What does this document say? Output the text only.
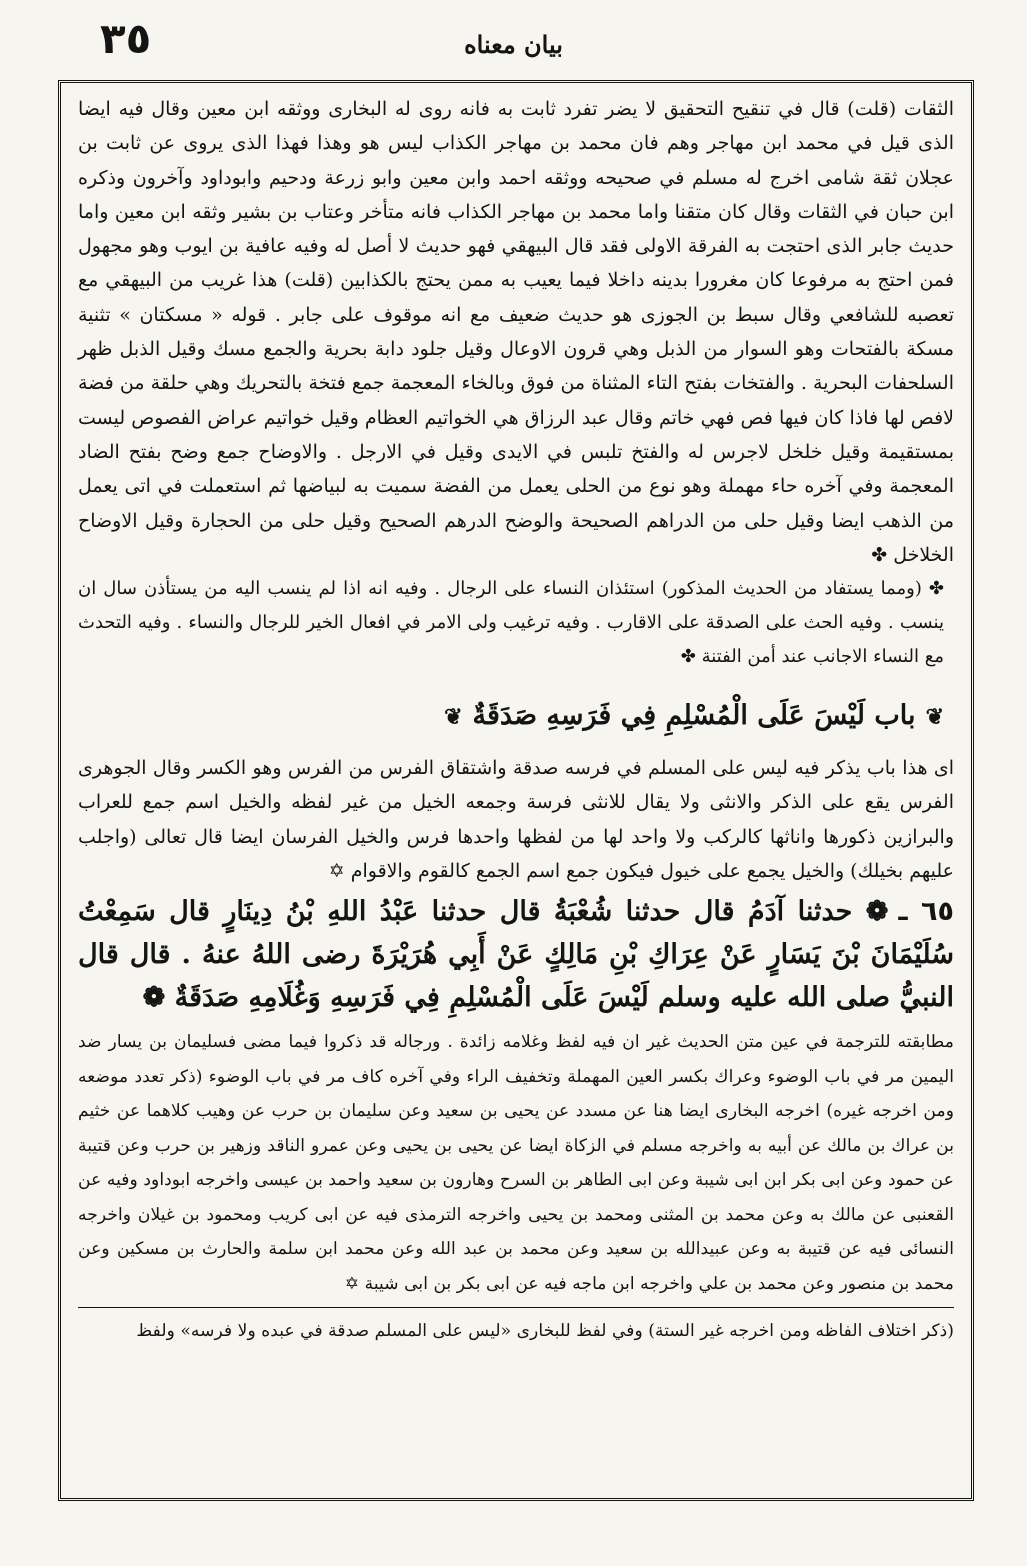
٣٥	بيان معناه

الثقات (قلت) قال في تنقيح التحقيق لا يضر تفرد ثابت به فانه روى له البخارى ووثقه ابن معين وقال فيه ايضا الذى قيل في محمد ابن مهاجر وهم فان محمد بن مهاجر الكذاب ليس هو وهذا فهذا الذى يروى عن ثابت بن عجلان ثقة شامى اخرج له مسلم في صحيحه ووثقه احمد وابن معين وابو زرعة ودحيم وابوداود وآخرون وذكره ابن حبان في الثقات وقال كان متقنا واما محمد بن مهاجر الكذاب فانه متأخر وعتاب بن بشير وثقه ابن معين واما حديث جابر الذى احتجت به الفرقة الاولى فقد قال البيهقي فهو حديث لا أصل له وفيه عافية بن ايوب وهو مجهول فمن احتج به مرفوعا كان مغرورا بدينه داخلا فيما يعيب به ممن يحتج بالكذابين (قلت) هذا غريب من البيهقي مع تعصبه للشافعي وقال سبط بن الجوزى هو حديث ضعيف مع انه موقوف على جابر . قوله « مسكتان » تثنية مسكة بالفتحات وهو السوار من الذبل وهي قرون الاوعال وقيل جلود دابة بحرية والجمع مسك وقيل الذبل ظهر السلحفات البحرية . والفتخات بفتح التاء المثناة من فوق وبالخاء المعجمة جمع فتخة بالتحريك وهي حلقة من فضة لافص لها فاذا كان فيها فص فهي خاتم وقال عبد الرزاق هي الخواتيم العظام وقيل خواتيم عراض الفصوص ليست بمستقيمة وقيل خلخل لاجرس له والفتخ تلبس في الايدى وقيل في الارجل . والاوضاح جمع وضح بفتح الضاد المعجمة وفي آخره حاء مهملة وهو نوع من الحلى يعمل من الفضة سميت به لبياضها ثم استعملت في اتى يعمل من الذهب ايضا وقيل حلى من الدراهم الصحيحة والوضح الدرهم الصحيح وقيل حلى من الحجارة وقيل الاوضاح الخلاخل ✤

✤ (ومما يستفاد من الحديث المذكور) استئذان النساء على الرجال . وفيه انه اذا لم ينسب اليه من يستأذن سال ان ينسب . وفيه الحث على الصدقة على الاقارب . وفيه ترغيب ولى الامر في افعال الخير للرجال والنساء . وفيه التحدث مع النساء الاجانب عند أمن الفتنة ✤

❦باب لَيْسَ عَلَى الْمُسْلِمِ فِي فَرَسِهِ صَدَقَةٌ❦

اى هذا باب يذكر فيه ليس على المسلم في فرسه صدقة واشتقاق الفرس من الفرس وهو الكسر وقال الجوهرى الفرس يقع على الذكر والانثى ولا يقال للانثى فرسة وجمعه الخيل من غير لفظه والخيل اسم جمع للعراب والبرازين ذكورها واناثها كالركب ولا واحد لها من لفظها واحدها فرس والخيل الفرسان ايضا قال تعالى (واجلب عليهم بخيلك) والخيل يجمع على خيول فيكون جمع اسم الجمع كالقوم والاقوام ✡

٦٥ ـ❁ حدثنا آدَمُ قال حدثنا شُعْبَةُ قال حدثنا عَبْدُ اللهِ بْنُ دِينَارٍ قال سَمِعْتُ سُلَيْمَانَ بْنَ يَسَارٍ عَنْ عِرَاكِ بْنِ مَالِكٍ عَنْ أَبِي هُرَيْرَةَ رضى اللهُ عنهُ . قال قال النبيُّ صلى الله عليه وسلم لَيْسَ عَلَى الْمُسْلِمِ فِي فَرَسِهِ وَغُلَامِهِ صَدَقَةٌ ❁

مطابقته للترجمة في عين متن الحديث غير ان فيه لفظ وغلامه زائدة . ورجاله قد ذكروا فيما مضى فسليمان بن يسار ضد اليمين مر في باب الوضوء وعراك بكسر العين المهملة وتخفيف الراء وفي آخره كاف مر في باب الوضوء (ذكر تعدد موضعه ومن اخرجه غيره) اخرجه البخارى ايضا هنا عن مسدد عن يحيى بن سعيد وعن سليمان بن حرب عن وهيب كلاهما عن خثيم بن عراك بن مالك عن أبيه به واخرجه مسلم في الزكاة ايضا عن يحيى بن يحيى وعن عمرو الناقد وزهير بن حرب وعن قتيبة عن حمود وعن ابى بكر ابن ابى شيبة وعن ابى الطاهر بن السرح وهارون بن سعيد واحمد بن عيسى واخرجه ابوداود وفيه عن القعنبى عن مالك به وعن محمد بن المثنى ومحمد بن يحيى واخرجه الترمذى فيه عن ابى كريب ومحمود بن غيلان واخرجه النسائى فيه عن قتيبة به وعن عبيدالله بن سعيد وعن محمد بن عبد الله وعن محمد ابن سلمة والحارث بن مسكين وعن محمد بن منصور وعن محمد بن علي واخرجه ابن ماجه فيه عن ابى بكر بن ابى شيبة ✡

(ذكر اختلاف الفاظه ومن اخرجه غير الستة) وفي لفظ للبخارى «ليس على المسلم صدقة في عبده ولا فرسه» ولفظ
